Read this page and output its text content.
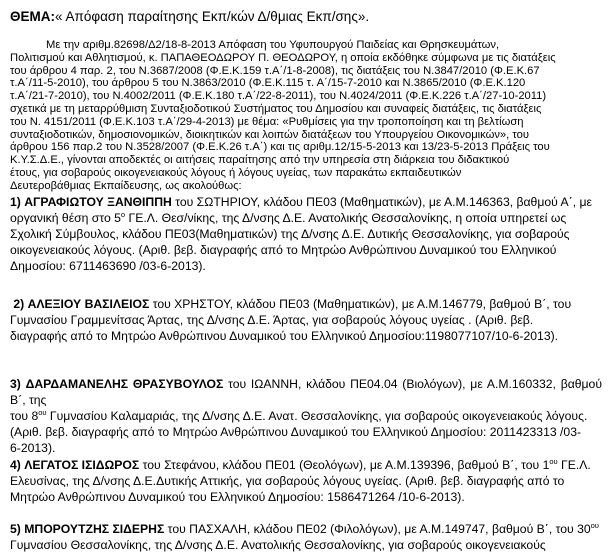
ΘΕΜΑ:« Απόφαση παραίτησης Εκπ/κών Δ/θμιας Εκπ/σης».

Με την αριθμ.82698/Δ2/18-8-2013 Απόφαση του Υφυπουργού Παιδείας και Θρησκευμάτων,

Πολιτισμού και Αθλητισμού, κ. ΠΑΠΑΘΕΟΔΩΡΟΥ Π. ΘΕΟΔΩΡΟΥ, η οποία εκδόθηκε σύμφωνα με τις διατάξεις

του άρθρου 4 παρ. 2, του Ν.3687/2008 (Φ.Ε.Κ.159 τ.Α΄/1-8-2008), τις διατάξεις του Ν.3847/2010 (Φ.Ε.Κ.67

τ.Α΄/11-5-2010), του άρθρου 5 του Ν.3863/2010 (Φ.Ε.Κ.115 τ. Α΄/15-7-2010 και Ν.3865/2010 (Φ.Ε.Κ.120

τ.Α΄/21-7-2010), του Ν.4002/2011 (Φ.Ε.Κ.180 τ.Α΄/22-8-2011), του Ν.4024/2011 (Φ.Ε.Κ.226 τ.Α΄/27-10-2011)

σχετικά με τη μεταρρύθμιση Συνταξιοδοτικού Συστήματος του Δημοσίου και συναφείς διατάξεις, τις διατάξεις

του Ν. 4151/2011 (Φ.Ε.Κ.103 τ.Α΄/29-4-2013) με θέμα: «Ρυθμίσεις για την τροποποίηση και τη βελτίωση

συνταξιοδοτικών, δημοσιονομικών, διοικητικών και λοιπών διατάξεων του Υπουργείου Οικονομικών», του

άρθρου 156 παρ.2 του Ν.3528/2007 (Φ.Ε.Κ.26 τ.Α΄) και τις αριθμ.12/15-5-2013 και 13/23-5-2013 Πράξεις του

Κ.Υ.Σ.Δ.Ε., γίνονται αποδεκτές οι αιτήσεις παραίτησης από την υπηρεσία στη διάρκεια του διδακτικού

έτους, για σοβαρούς οικογενειακούς λόγους ή λόγους υγείας, των παρακάτω εκπαιδευτικών

Δευτεροβάθμιας Εκπαίδευσης, ως ακολούθως:

1) ΑΓΡΑΦΙΩΤΟΥ ΞΑΝΘΙΠΠΗ του ΣΩΤΗΡΙΟΥ, κλάδου ΠΕ03 (Μαθηματικών), με Α.Μ.146363, βαθμού Α΄, με

οργανική θέση στο $5^o$ ΓΕ.Λ. Θεσ/νίκης, της Δ/νσης Δ.Ε. Ανατολικής Θεσσαλονίκης, η οποία υπηρετεί ως

Σχολική Σύμβουλος, κλάδου ΠΕ03(Μαθηματικών) της Δ/νσης Δ.Ε. Δυτικής Θεσσαλονίκης, για σοβαρούς

οικογενειακούς λόγους. (Αριθ. βεβ. διαγραφής από το Μητρώο Ανθρώπινου Δυναμικού του Ελληνικού

Δημοσίου: 6711463690 /03-6-2013).

2) ΑΛΕΞΙΟΥ ΒΑΣΙΛΕΙΟΣ του ΧΡΗΣΤΟΥ, κλάδου ΠΕ03 (Μαθηματικών), με Α.Μ.146779, βαθμού Β΄, του

Γυμνασίου Γραμμενίτσας Άρτας, της Δ/νσης Δ.Ε. Άρτας, για σοβαρούς λόγους υγείας . (Αριθ. βεβ.

διαγραφής από το Μητρώο Ανθρώπινου Δυναμικού του Ελληνικού Δημοσίου:1198077107/10-6-2013).

3) ΔΑΡΔΑΜΑΝΕΛΗΣ ΘΡΑΣΥΒΟΥΛΟΣ του ΙΩΑΝΝΗ, κλάδου ΠΕ04.04 (Βιολόγων), με Α.Μ.160332, βαθμού Β΄, της

του $8^{o\upsilon}$ Γυμνασίου Καλαμαριάς, της Δ/νσης Δ.Ε. Ανατ. Θεσσαλονίκης, για σοβαρούς οικογενειακούς λόγους.

(Αριθ. βεβ. διαγραφής από το Μητρώο Ανθρώπινου Δυναμικού του Ελληνικού Δημοσίου: 2011423313 /03-

6-2013).

4) ΛΕΓΑΤΟΣ ΙΣΙΔΩΡΟΣ του Στεφάνου, κλάδου ΠΕ01 (Θεολόγων), με Α.Μ.139396, βαθμού Β΄, του $1^{o\upsilon}$ ΓΕ.Λ.

Ελευσίνας, της Δ/νσης Δ.Ε.Δυτικής Αττικής, για σοβαρούς λόγους υγείας. (Αριθ. βεβ. διαγραφής από το

Μητρώο Ανθρώπινου Δυναμικού του Ελληνικού Δημοσίου: 1586471264 /10-6-2013).

5) ΜΠΟΡΟΥΤΖΗΣ ΣΙΔΕΡΗΣ του ΠΑΣΧΑΛΗ, κλάδου ΠΕ02 (Φιλολόγων), με Α.Μ.149747, βαθμού Β΄, του $30^{o\upsilon}$

Γυμνασίου Θεσσαλονίκης, της Δ/νσης Δ.Ε. Ανατολικής Θεσσαλονίκης, για σοβαρούς οικογενειακούς
